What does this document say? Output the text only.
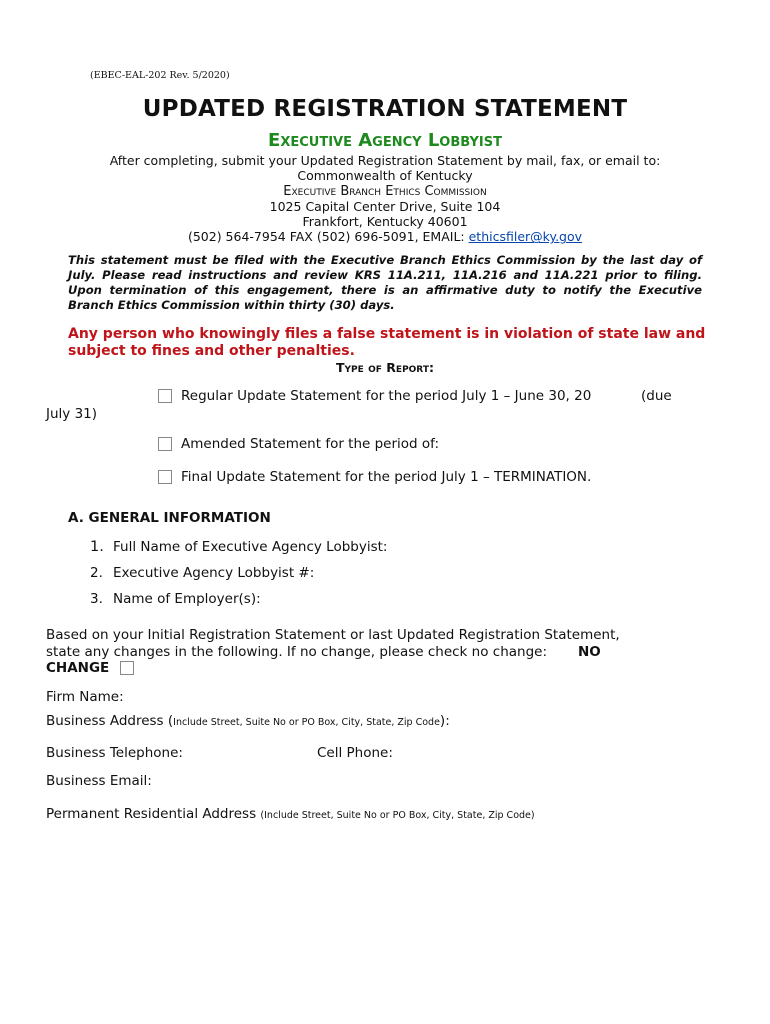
(EBEC-EAL-202 Rev. 5/2020)
UPDATED REGISTRATION STATEMENT
Executive Agency Lobbyist
After completing, submit your Updated Registration Statement by mail, fax, or email to:
Commonwealth of Kentucky
Executive Branch Ethics Commission
1025 Capital Center Drive, Suite 104
Frankfort, Kentucky 40601
(502) 564-7954 FAX (502) 696-5091, EMAIL: ethicsfiler@ky.gov
This statement must be filed with the Executive Branch Ethics Commission by the last day of July. Please read instructions and review KRS 11A.211, 11A.216 and 11A.221 prior to filing. Upon termination of this engagement, there is an affirmative duty to notify the Executive Branch Ethics Commission within thirty (30) days.
Any person who knowingly files a false statement is in violation of state law and subject to fines and other penalties.
Type of Report:
Regular Update Statement for the period July 1 – June 30, 20	(due
July 31)
Amended Statement for the period of:
Final Update Statement for the period July 1 – TERMINATION.
A. GENERAL INFORMATION
1. Full Name of Executive Agency Lobbyist:
2. Executive Agency Lobbyist #:
3. Name of Employer(s):
Based on your Initial Registration Statement or last Updated Registration Statement,
state any changes in the following. If no change, please check no change: NO
CHANGE
Firm Name:
Business Address (Include Street, Suite No or PO Box, City, State, Zip Code):
Business Telephone:	Cell Phone:
Business Email:
Permanent Residential Address (Include Street, Suite No or PO Box, City, State, Zip Code)
